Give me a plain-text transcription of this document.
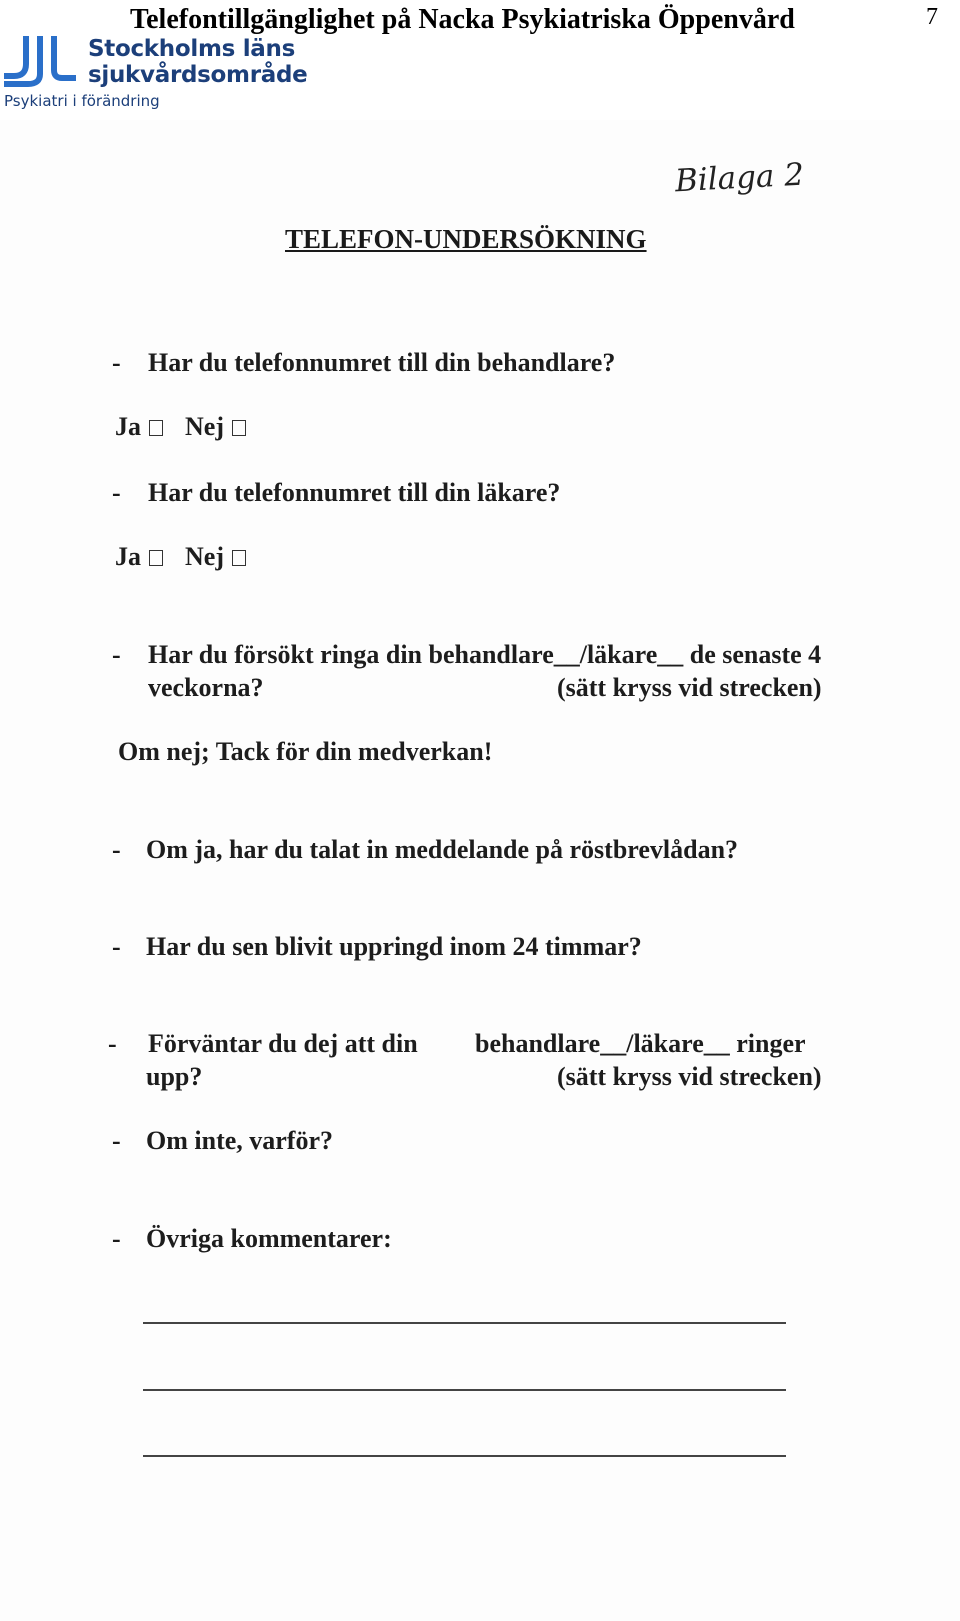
Telefontillgänglighet på Nacka Psykiatriska Öppenvård	7
Stockholms läns
sjukvårdsområde
Psykiatri i förändring
Bilaga 2
TELEFON-UNDERSÖKNING
- Har du telefonnumret till din behandlare?
Ja Nej
- Har du telefonnumret till din läkare?
Ja Nej
- Har du försökt ringa din behandlare__/läkare__ de senaste 4
veckorna?	(sätt kryss vid strecken)
Om nej; Tack för din medverkan!
- Om ja, har du talat in meddelande på röstbrevlådan?
- Har du sen blivit uppringd inom 24 timmar?
- Förväntar du dej att din behandlare__/läkare__ ringer
upp?	(sätt kryss vid strecken)
- Om inte, varför?
- Övriga kommentarer:
